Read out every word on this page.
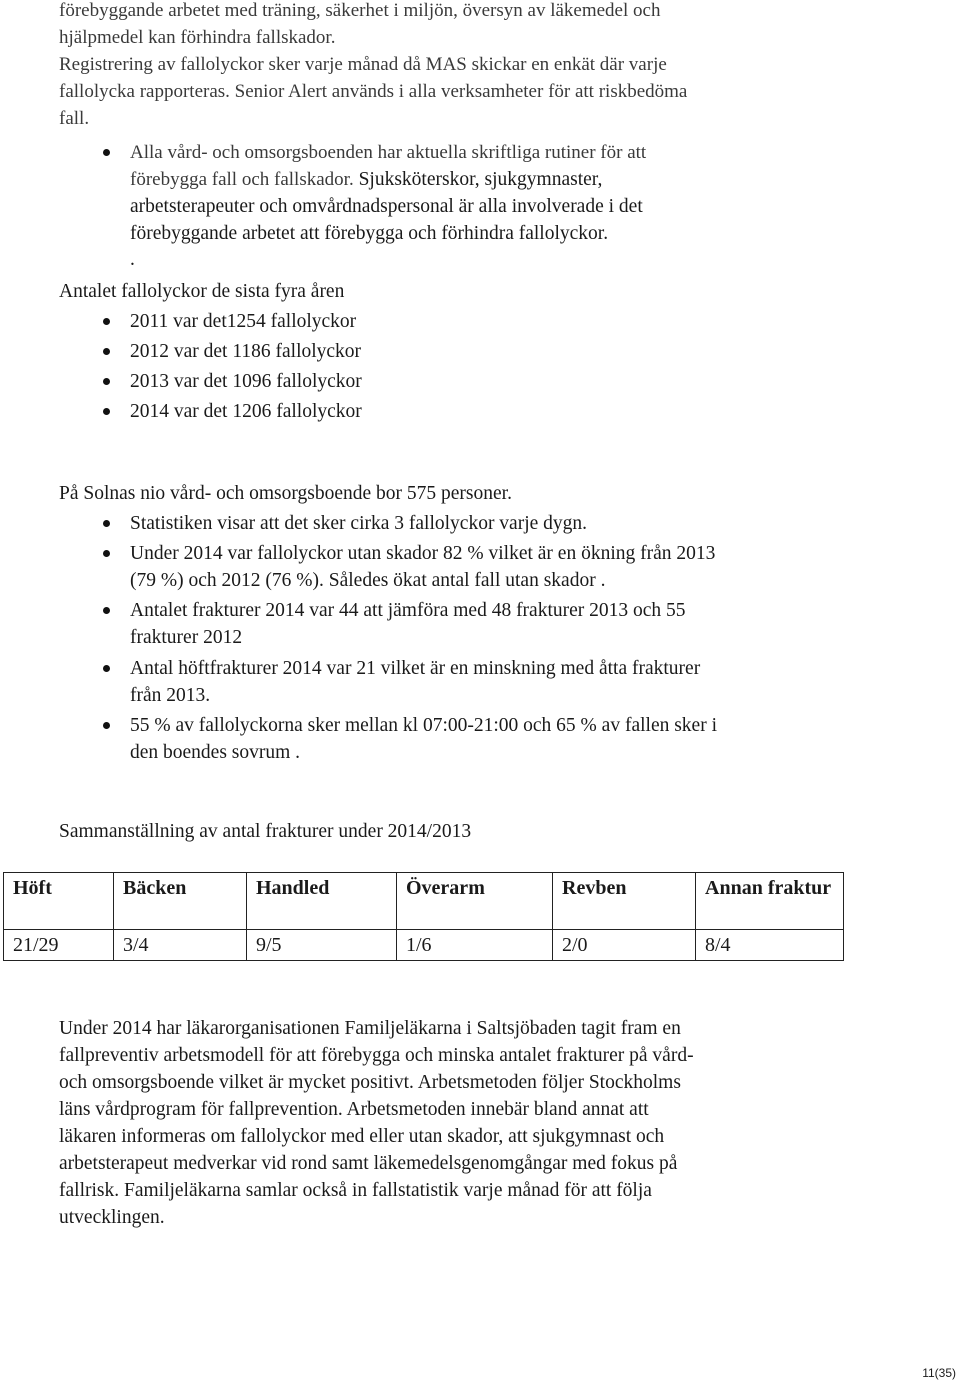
förebyggande arbetet med träning, säkerhet i miljön, översyn av läkemedel och
hjälpmedel kan förhindra fallskador.
Registrering av fallolyckor sker varje månad då MAS skickar en enkät där varje
fallolycka rapporteras. Senior Alert används i alla verksamheter för att riskbedöma
fall.
Alla vård- och omsorgsboenden har aktuella skriftliga rutiner för att
förebygga fall och fallskador. Sjuksköterskor, sjukgymnaster,
arbetsterapeuter och omvårdnadspersonal är alla involverade i det
förebyggande arbetet att förebygga och förhindra fallolyckor.
.
Antalet fallolyckor de sista fyra åren
2011 var det1254 fallolyckor
2012 var det 1186 fallolyckor
2013 var det 1096 fallolyckor
2014 var det 1206 fallolyckor
På Solnas nio vård- och omsorgsboende bor 575 personer.
Statistiken visar att det sker cirka 3 fallolyckor varje dygn.
Under 2014 var fallolyckor utan skador 82 % vilket är en ökning från 2013
(79 %) och 2012 (76 %). Således ökat antal fall utan skador .
Antalet frakturer 2014 var 44 att jämföra med 48 frakturer 2013 och 55
frakturer 2012
Antal höftfrakturer 2014 var 21 vilket är en minskning med åtta frakturer
från 2013.
55 % av fallolyckorna sker mellan kl 07:00-21:00 och 65 % av fallen sker i
den boendes sovrum .
Sammanställning av antal frakturer under 2014/2013
Höft	Bäcken	Handled	Överarm	Revben	Annan fraktur
21/29	3/4	9/5	1/6	2/0	8/4
Under 2014 har läkarorganisationen Familjeläkarna i Saltsjöbaden tagit fram en
fallpreventiv arbetsmodell för att förebygga och minska antalet frakturer på vård-
och omsorgsboende vilket är mycket positivt. Arbetsmetoden följer Stockholms
läns vårdprogram för fallprevention. Arbetsmetoden innebär bland annat att
läkaren informeras om fallolyckor med eller utan skador, att sjukgymnast och
arbetsterapeut medverkar vid rond samt läkemedelsgenomgångar med fokus på
fallrisk. Familjeläkarna samlar också in fallstatistik varje månad för att följa
utvecklingen.
11(35)
